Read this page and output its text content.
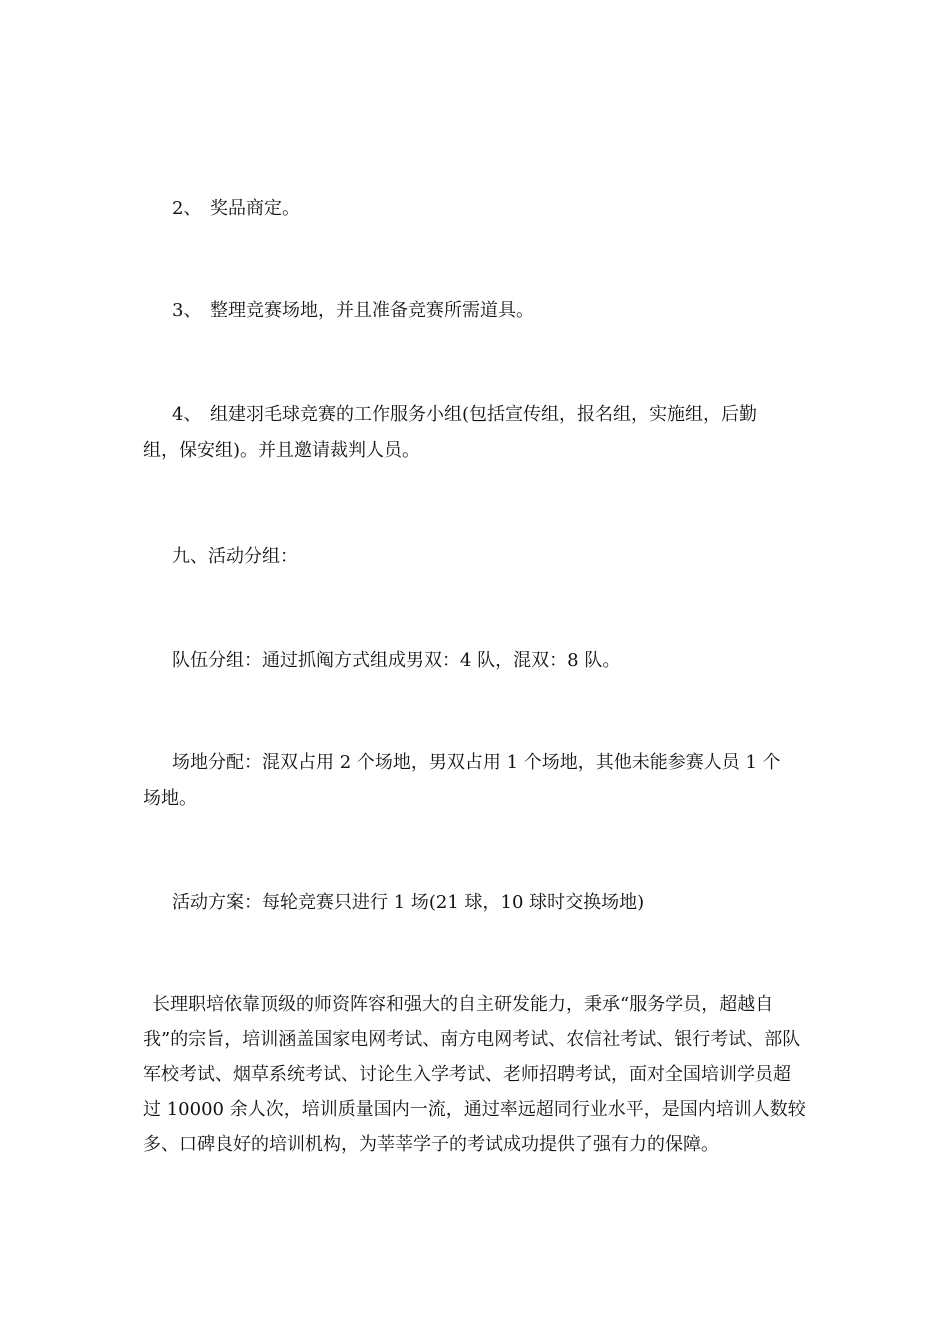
2、 奖品商定。
3、 整理竞赛场地，并且准备竞赛所需道具。
4、 组建羽毛球竞赛的工作服务小组(包括宣传组，报名组，实施组，后勤
组，保安组)。并且邀请裁判人员。
九、活动分组：
队伍分组：通过抓阄方式组成男双：4 队，混双：8 队。
场地分配：混双占用 2 个场地，男双占用 1 个场地，其他未能参赛人员 1 个
场地。
活动方案：每轮竞赛只进行 1 场(21 球，10 球时交换场地)

长理职培依靠顶级的师资阵容和强大的自主研发能力，秉承“服务学员，超越自我”的宗旨，培训涵盖国家电网考试、南方电网考试、农信社考试、银行考试、部队军校考试、烟草系统考试、讨论生入学考试、老师招聘考试，面对全国培训学员超过 10000 余人次，培训质量国内一流，通过率远超同行业水平，是国内培训人数较多、口碑良好的培训机构，为莘莘学子的考试成功提供了强有力的保障。
